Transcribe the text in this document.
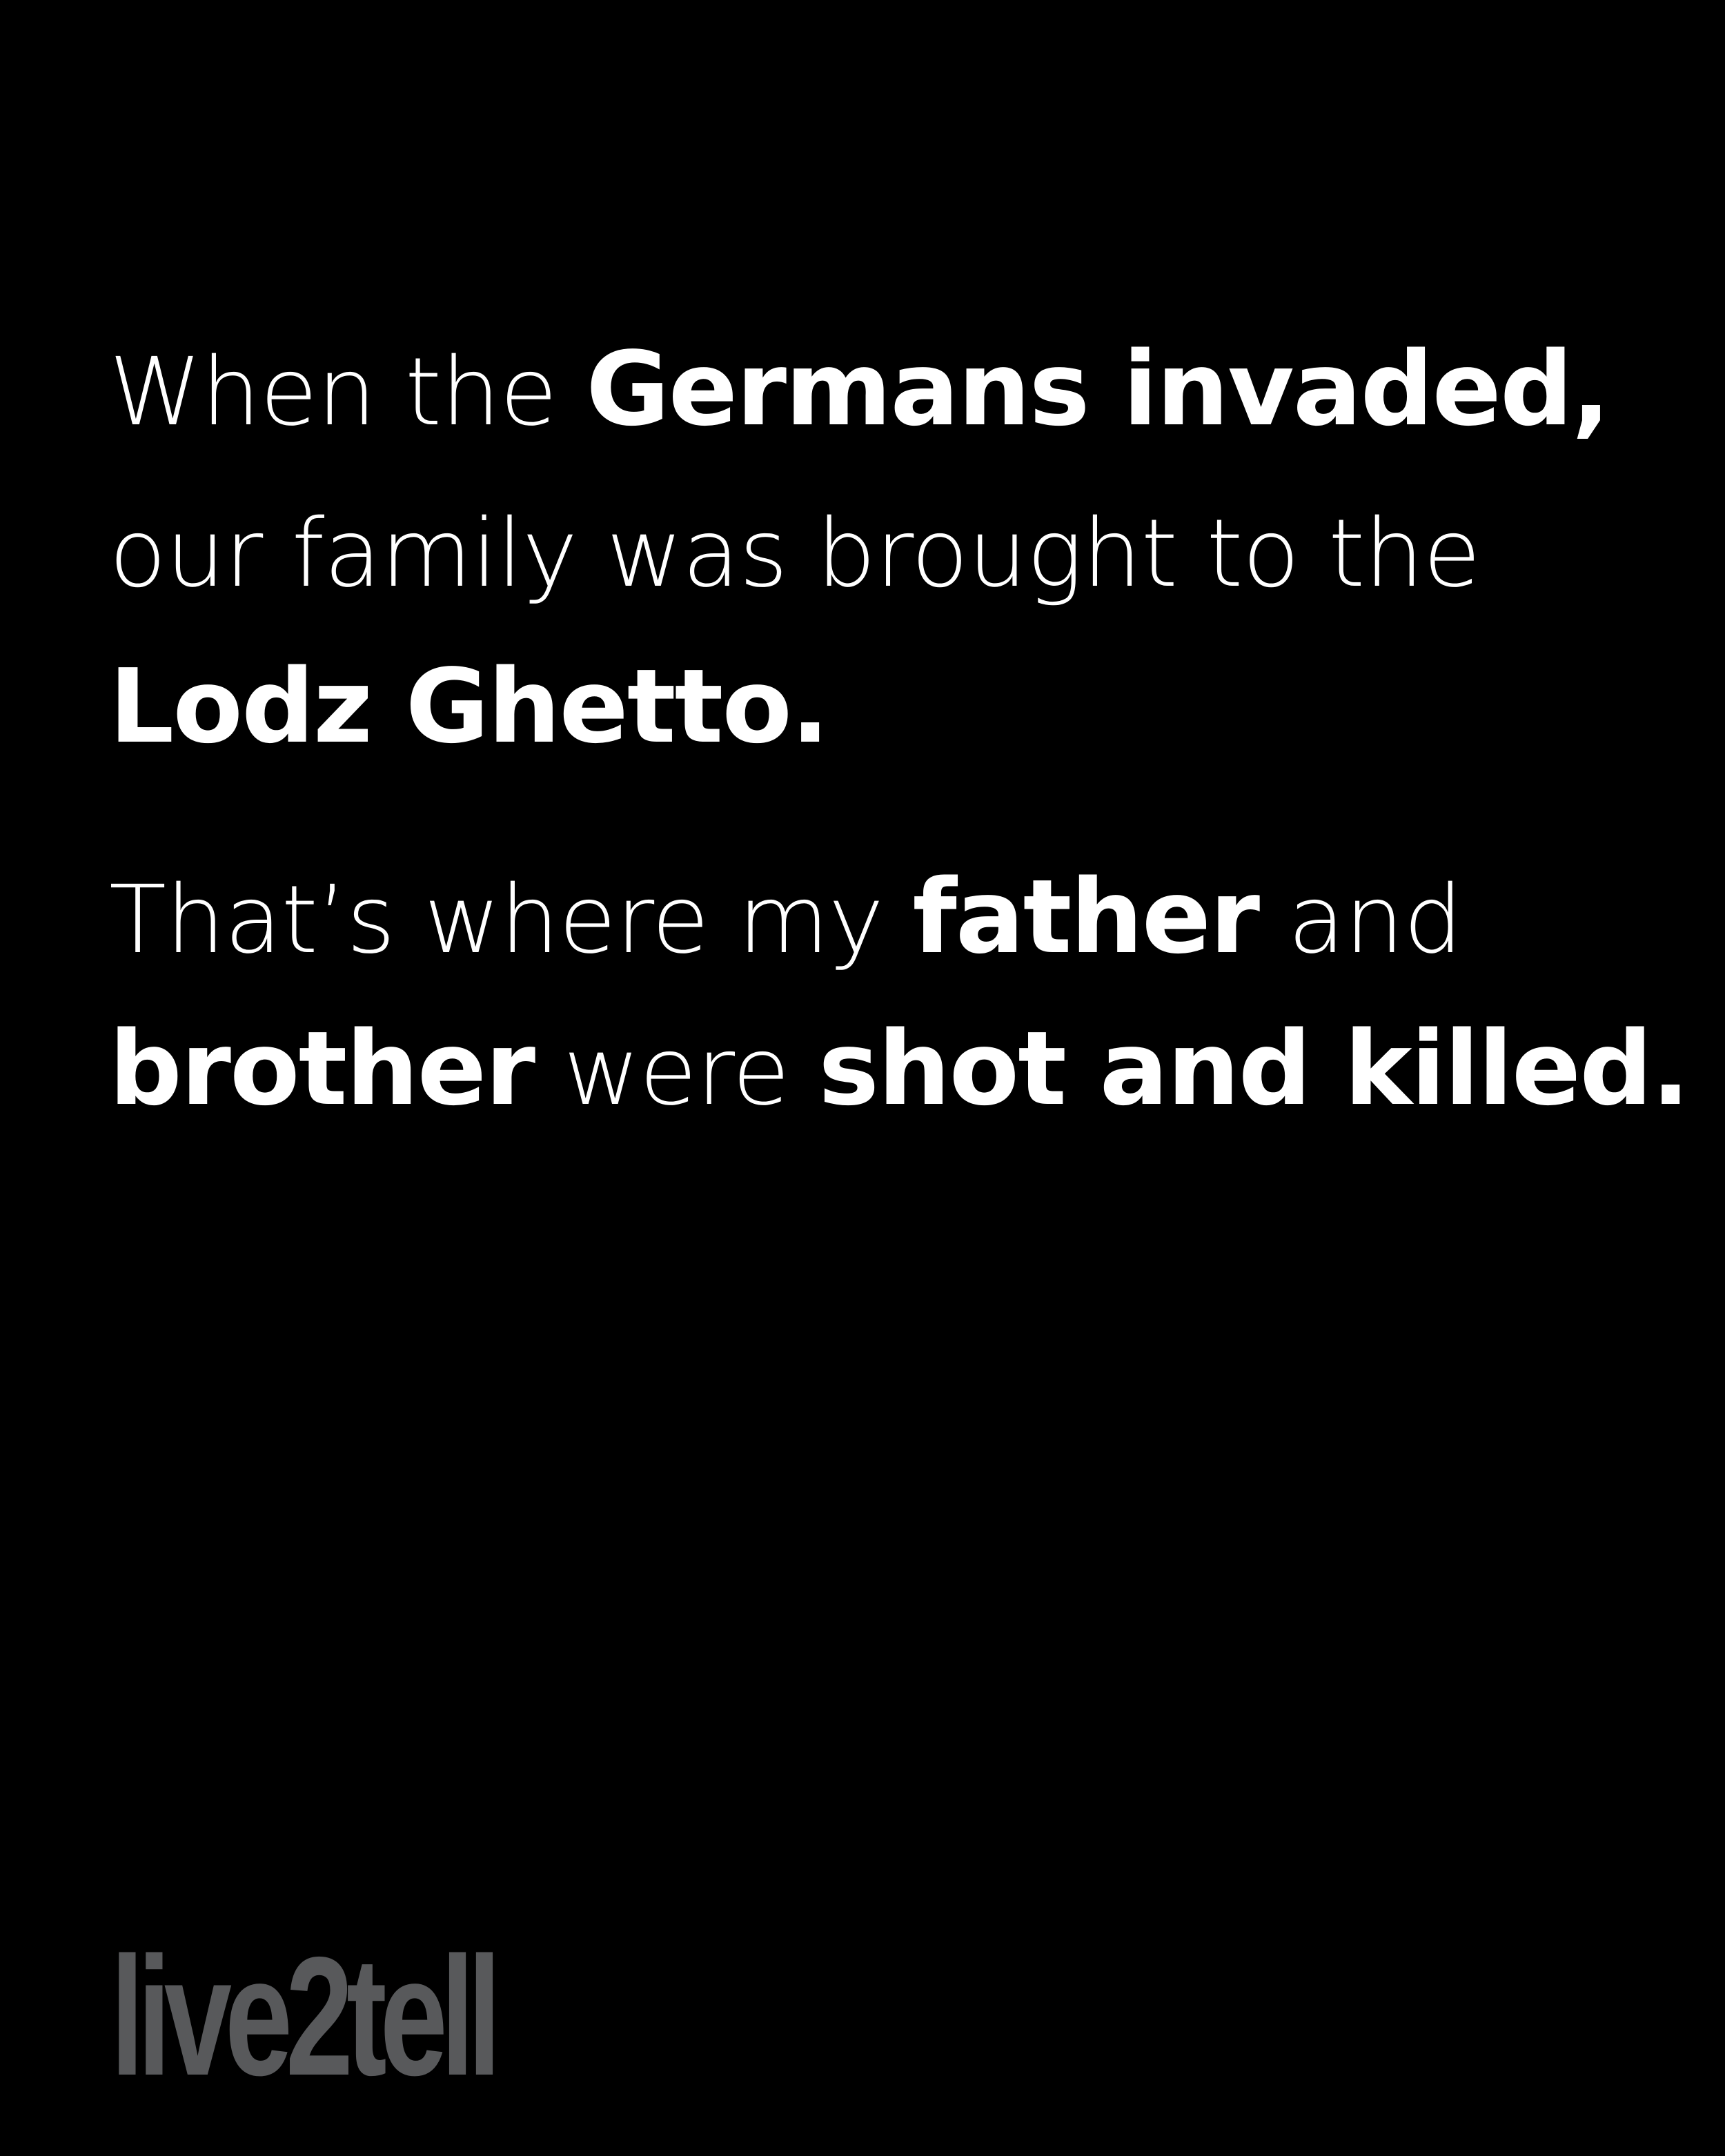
When the Germans invaded,
our family was brought to the
Lodz Ghetto.
That’s where my father and
brother were shot and killed.
live2tell
